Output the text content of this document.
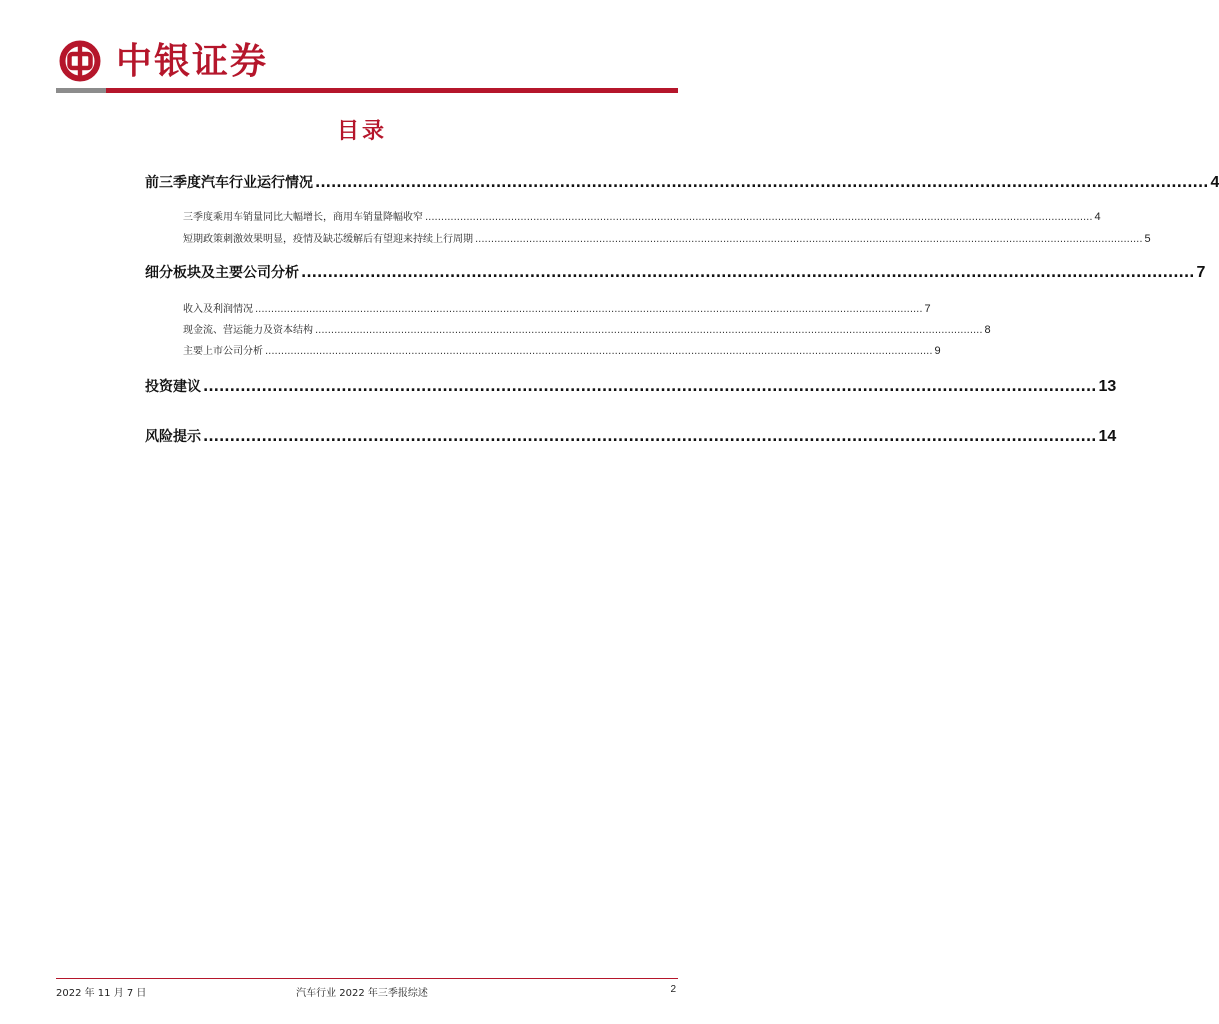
中银证券
目录
前三季度汽车行业运行情况 ........................................................................................................................................................................ 4
三季度乘用车销量同比大幅增长，商用车销量降幅收窄 .................................................................................................................................................................................................................. 4
短期政策刺激效果明显，疫情及缺芯缓解后有望迎来持续上行周期 .................................................................................................................................................................................................................. 5
细分板块及主要公司分析 ........................................................................................................................................................................ 7
收入及利润情况 .................................................................................................................................................................................................................. 7
现金流、营运能力及资本结构 .................................................................................................................................................................................................................. 8
主要上市公司分析 .................................................................................................................................................................................................................. 9
投资建议 ........................................................................................................................................................................ 13
风险提示 ........................................................................................................................................................................ 14
2022 年 11 月 7 日	汽车行业 2022 年三季报综述	2
